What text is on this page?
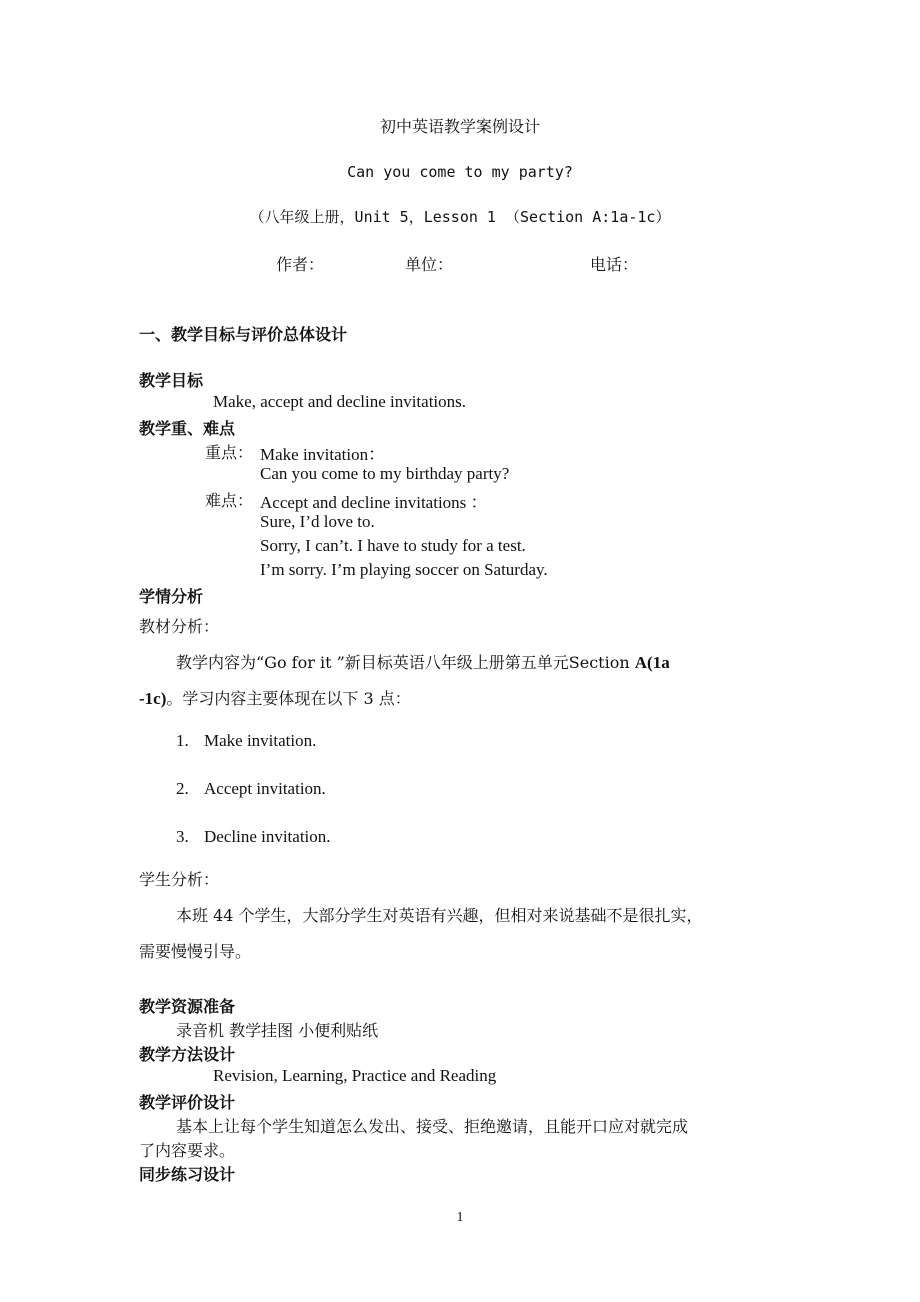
初中英语教学案例设计
Can you come to my party?
（八年级上册，Unit 5，Lesson 1 （Section A:1a-1c）
作者：	单位：	电话：
一、教学目标与评价总体设计
教学目标
Make, accept and decline invitations.
教学重、难点
重点： Make invitation：
Can you come to my birthday party?
难点： Accept and decline invitations ：
Sure, I’d love to.
Sorry, I can’t. I have to study for a test.
I’m sorry. I’m playing soccer on Saturday.
学情分析
教材分析：
教学内容为“Go for it ”新目标英语八年级上册第五单元Section A(1a
-1c)。学习内容主要体现在以下 3 点：
1. Make invitation.
2. Accept invitation.
3. Decline invitation.
学生分析：
本班 44 个学生，大部分学生对英语有兴趣，但相对来说基础不是很扎实，
需要慢慢引导。
教学资源准备
录音机 教学挂图 小便利贴纸
教学方法设计
Revision, Learning, Practice and Reading
教学评价设计
基本上让每个学生知道怎么发出、接受、拒绝邀请，且能开口应对就完成
了内容要求。
同步练习设计
1
